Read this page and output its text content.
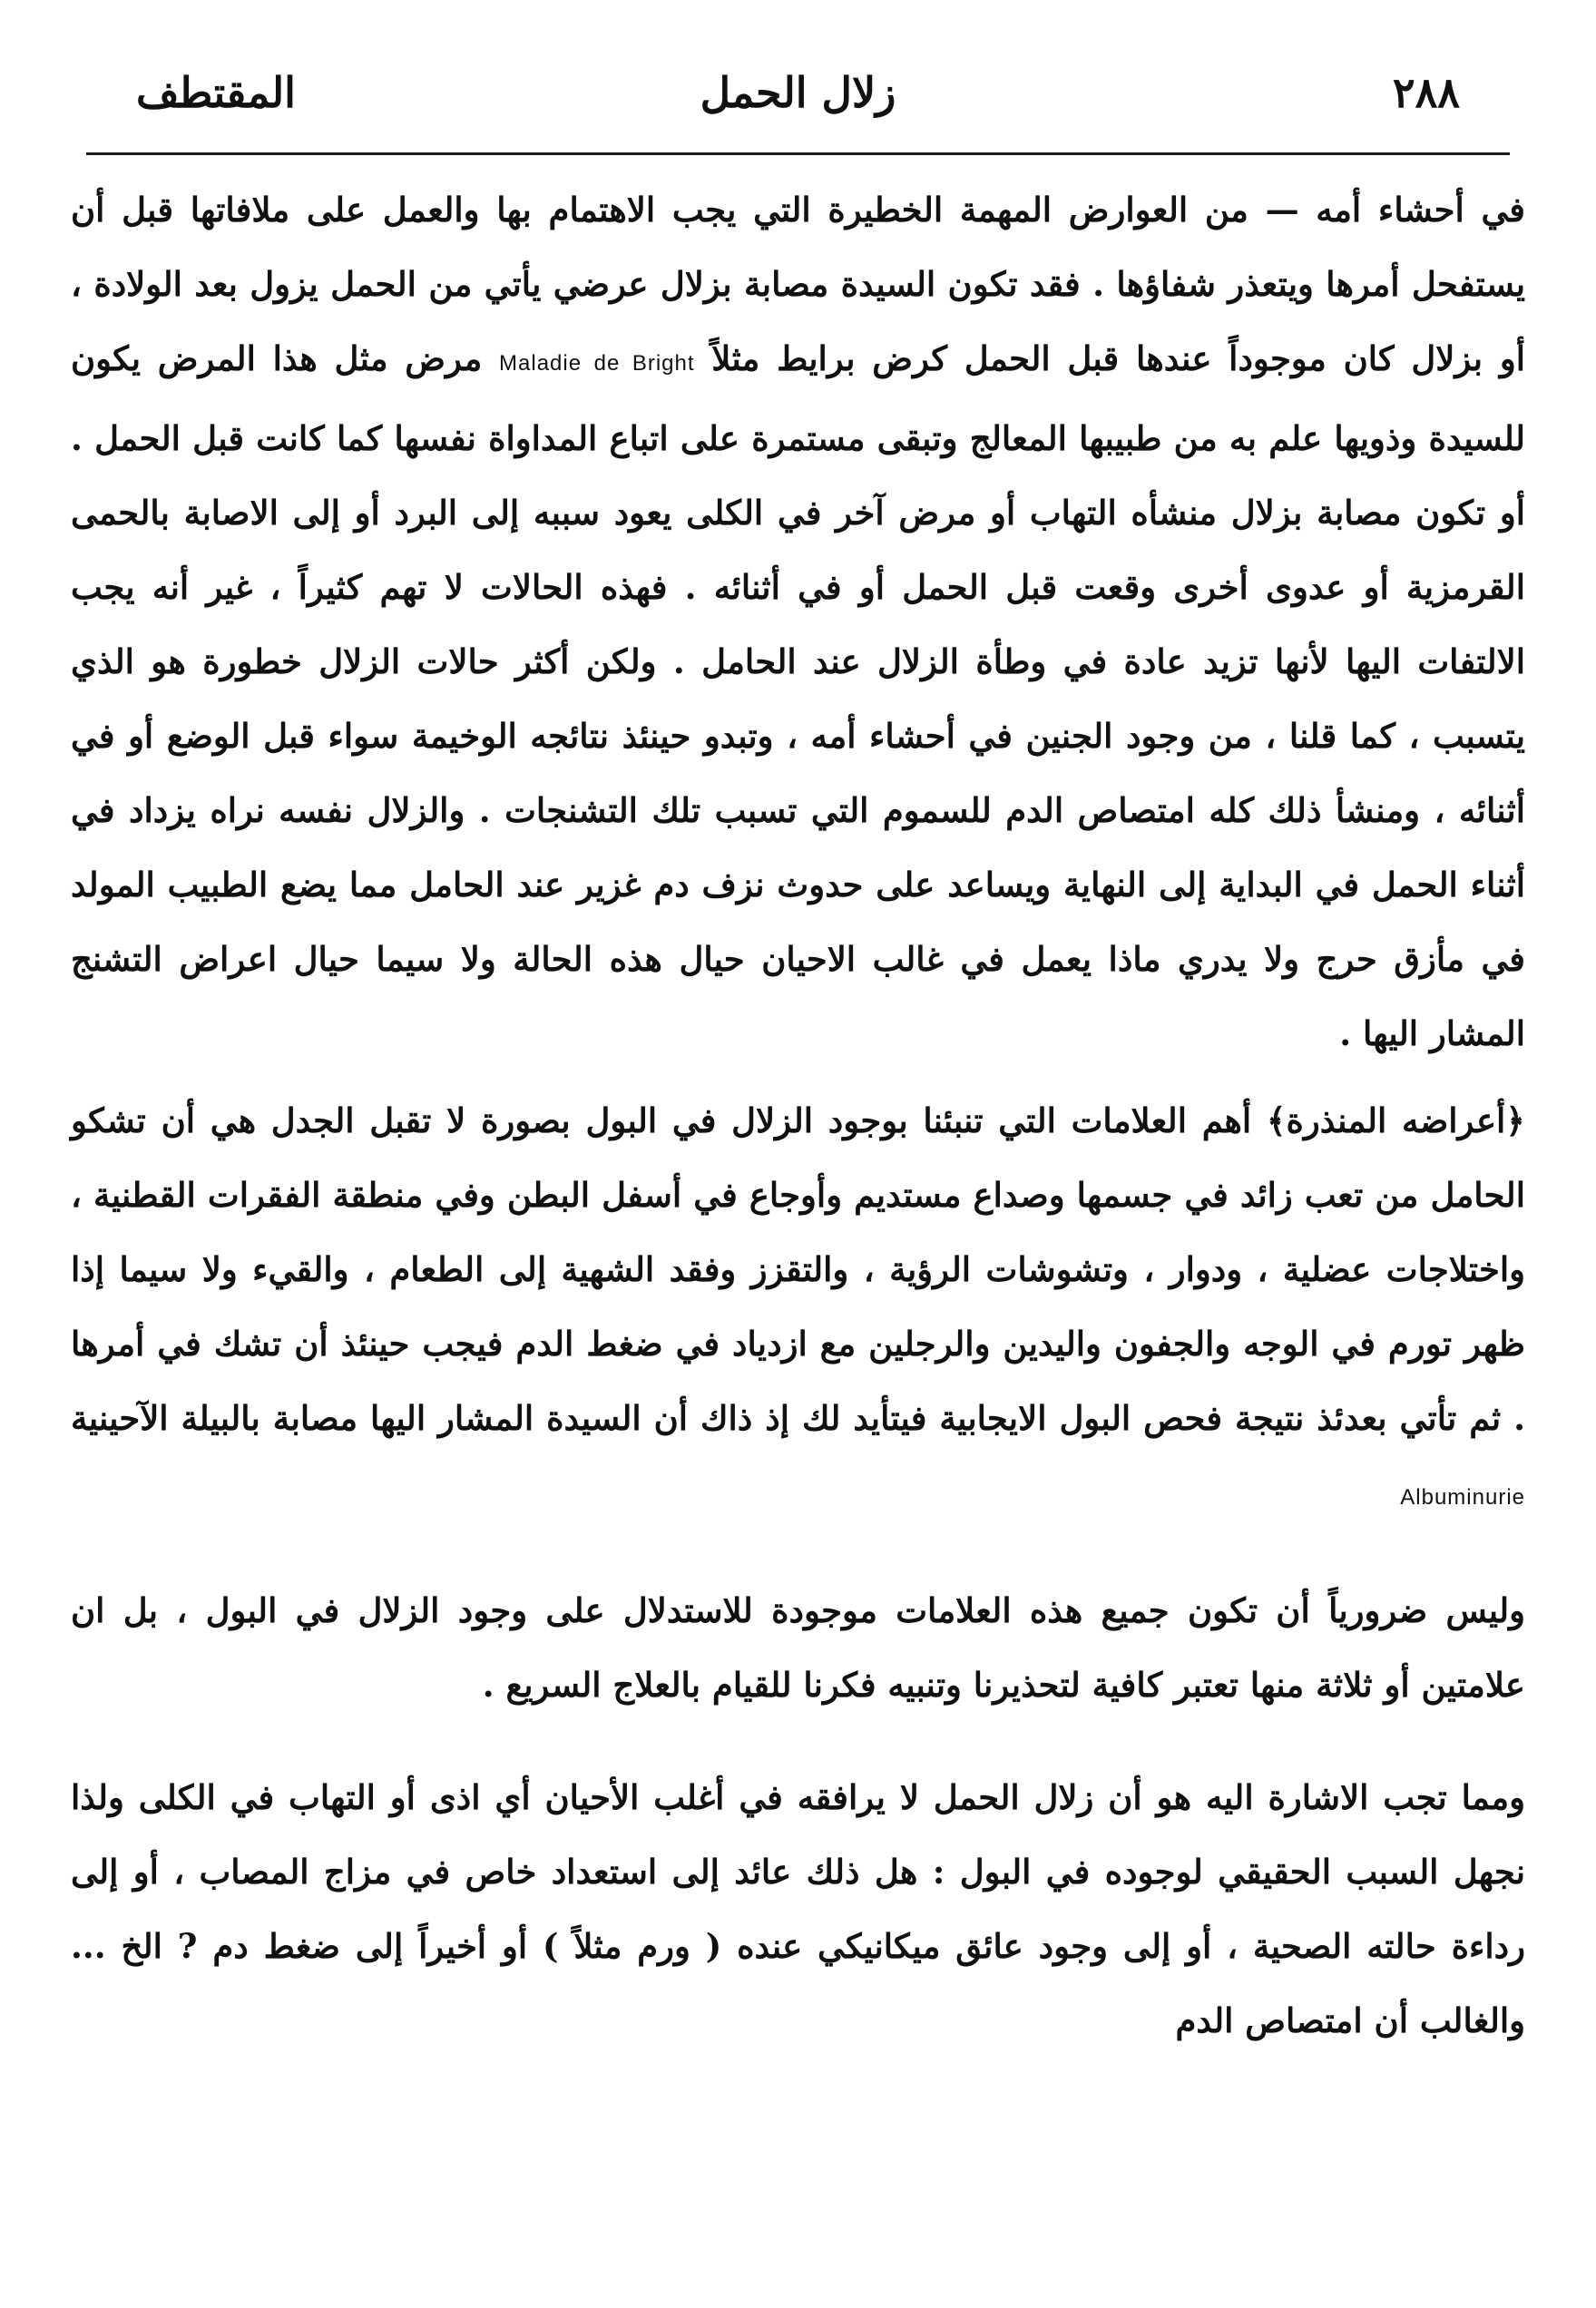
المقتطف	زلال الحمل	٢٨٨

في أحشاء أمه — من العوارض المهمة الخطيرة التي يجب الاهتمام بها والعمل على ملافاتها قبل أن يستفحل أمرها ويتعذر شفاؤها . فقد تكون السيدة مصابة بزلال عرضي يأتي من الحمل يزول بعد الولادة ، أو بزلال كان موجوداً عندها قبل الحمل كرض برايط مثلاً Maladie de Bright مرض مثل هذا المرض يكون للسيدة وذويها علم به من طبيبها المعالج وتبقى مستمرة على اتباع المداواة نفسها كما كانت قبل الحمل . أو تكون مصابة بزلال منشأه التهاب أو مرض آخر في الكلى يعود سببه إلى البرد أو إلى الاصابة بالحمى القرمزية أو عدوى أخرى وقعت قبل الحمل أو في أثنائه . فهذه الحالات لا تهم كثيراً ، غير أنه يجب الالتفات اليها لأنها تزيد عادة في وطأة الزلال عند الحامل . ولكن أكثر حالات الزلال خطورة هو الذي يتسبب ، كما قلنا ، من وجود الجنين في أحشاء أمه ، وتبدو حينئذ نتائجه الوخيمة سواء قبل الوضع أو في أثنائه ، ومنشأ ذلك كله امتصاص الدم للسموم التي تسبب تلك التشنجات . والزلال نفسه نراه يزداد في أثناء الحمل في البداية إلى النهاية ويساعد على حدوث نزف دم غزير عند الحامل مما يضع الطبيب المولد في مأزق حرج ولا يدري ماذا يعمل في غالب الاحيان حيال هذه الحالة ولا سيما حيال اعراض التشنج المشار اليها .

﴿أعراضه المنذرة﴾ أهم العلامات التي تنبئنا بوجود الزلال في البول بصورة لا تقبل الجدل هي أن تشكو الحامل من تعب زائد في جسمها وصداع مستديم وأوجاع في أسفل البطن وفي منطقة الفقرات القطنية ، واختلاجات عضلية ، ودوار ، وتشوشات الرؤية ، والتقزز وفقد الشهية إلى الطعام ، والقيء ولا سيما إذا ظهر تورم في الوجه والجفون واليدين والرجلين مع ازدياد في ضغط الدم فيجب حينئذ أن تشك في أمرها . ثم تأتي بعدئذ نتيجة فحص البول الايجابية فيتأيد لك إذ ذاك أن السيدة المشار اليها مصابة بالبيلة الآحينية Albuminurie

وليس ضرورياً أن تكون جميع هذه العلامات موجودة للاستدلال على وجود الزلال في البول ، بل ان علامتين أو ثلاثة منها تعتبر كافية لتحذيرنا وتنبيه فكرنا للقيام بالعلاج السريع .

ومما تجب الاشارة اليه هو أن زلال الحمل لا يرافقه في أغلب الأحيان أي اذى أو التهاب في الكلى ولذا نجهل السبب الحقيقي لوجوده في البول : هل ذلك عائد إلى استعداد خاص في مزاج المصاب ، أو إلى رداءة حالته الصحية ، أو إلى وجود عائق ميكانيكي عنده ( ورم مثلاً ) أو أخيراً إلى ضغط دم ? الخ ... والغالب أن امتصاص الدم
